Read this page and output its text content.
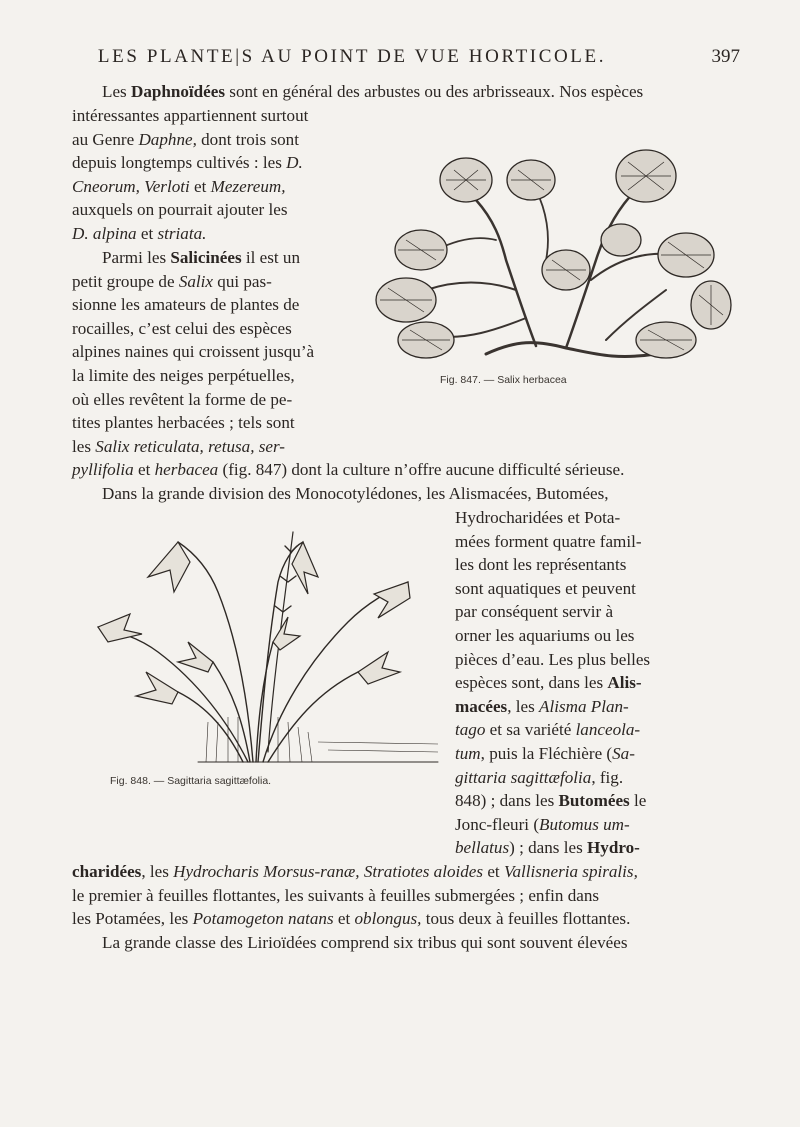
LES PLANTE|S AU POINT DE VUE HORTICOLE.	397
Les Daphnoïdées sont en général des arbustes ou des arbrisseaux. Nos espèces
intéressantes appartiennent surtout
au Genre Daphne, dont trois sont
depuis longtemps cultivés : les D.
Cneorum, Verloti et Mezereum,
auxquels on pourrait ajouter les
D. alpina et striata.
Parmi les Salicinées il est un
petit groupe de Salix qui pas-
sionne les amateurs de plantes de
rocailles, c’est celui des espèces
alpines naines qui croissent jusqu’à
la limite des neiges perpétuelles,
où elles revêtent la forme de pe-
tites plantes herbacées ; tels sont
les Salix reticulata, retusa, ser-
pyllifolia et herbacea (fig. 847) dont la culture n’offre aucune difficulté sérieuse.
Fig. 847. — Salix herbacea
Dans la grande division des Monocotylédones, les Alismacées, Butomées,
Hydrocharidées et Pota-
mées forment quatre famil-
les dont les représentants
sont aquatiques et peuvent
par conséquent servir à
orner les aquariums ou les
pièces d’eau. Les plus belles
espèces sont, dans les Alis-
macées, les Alisma Plan-
tago et sa variété lanceola-
tum, puis la Fléchière (Sa-
gittaria sagittæfolia, fig.
848) ; dans les Butomées le
Jonc-fleuri (Butomus um-
bellatus) ; dans les Hydro-
Fig. 848. — Sagittaria sagittæfolia.
charidées, les Hydrocharis Morsus-ranæ, Stratiotes aloides et Vallisneria spiralis,
le premier à feuilles flottantes, les suivants à feuilles submergées ; enfin dans
les Potamées, les Potamogeton natans et oblongus, tous deux à feuilles flottantes.
La grande classe des Lirioïdées comprend six tribus qui sont souvent élevées
